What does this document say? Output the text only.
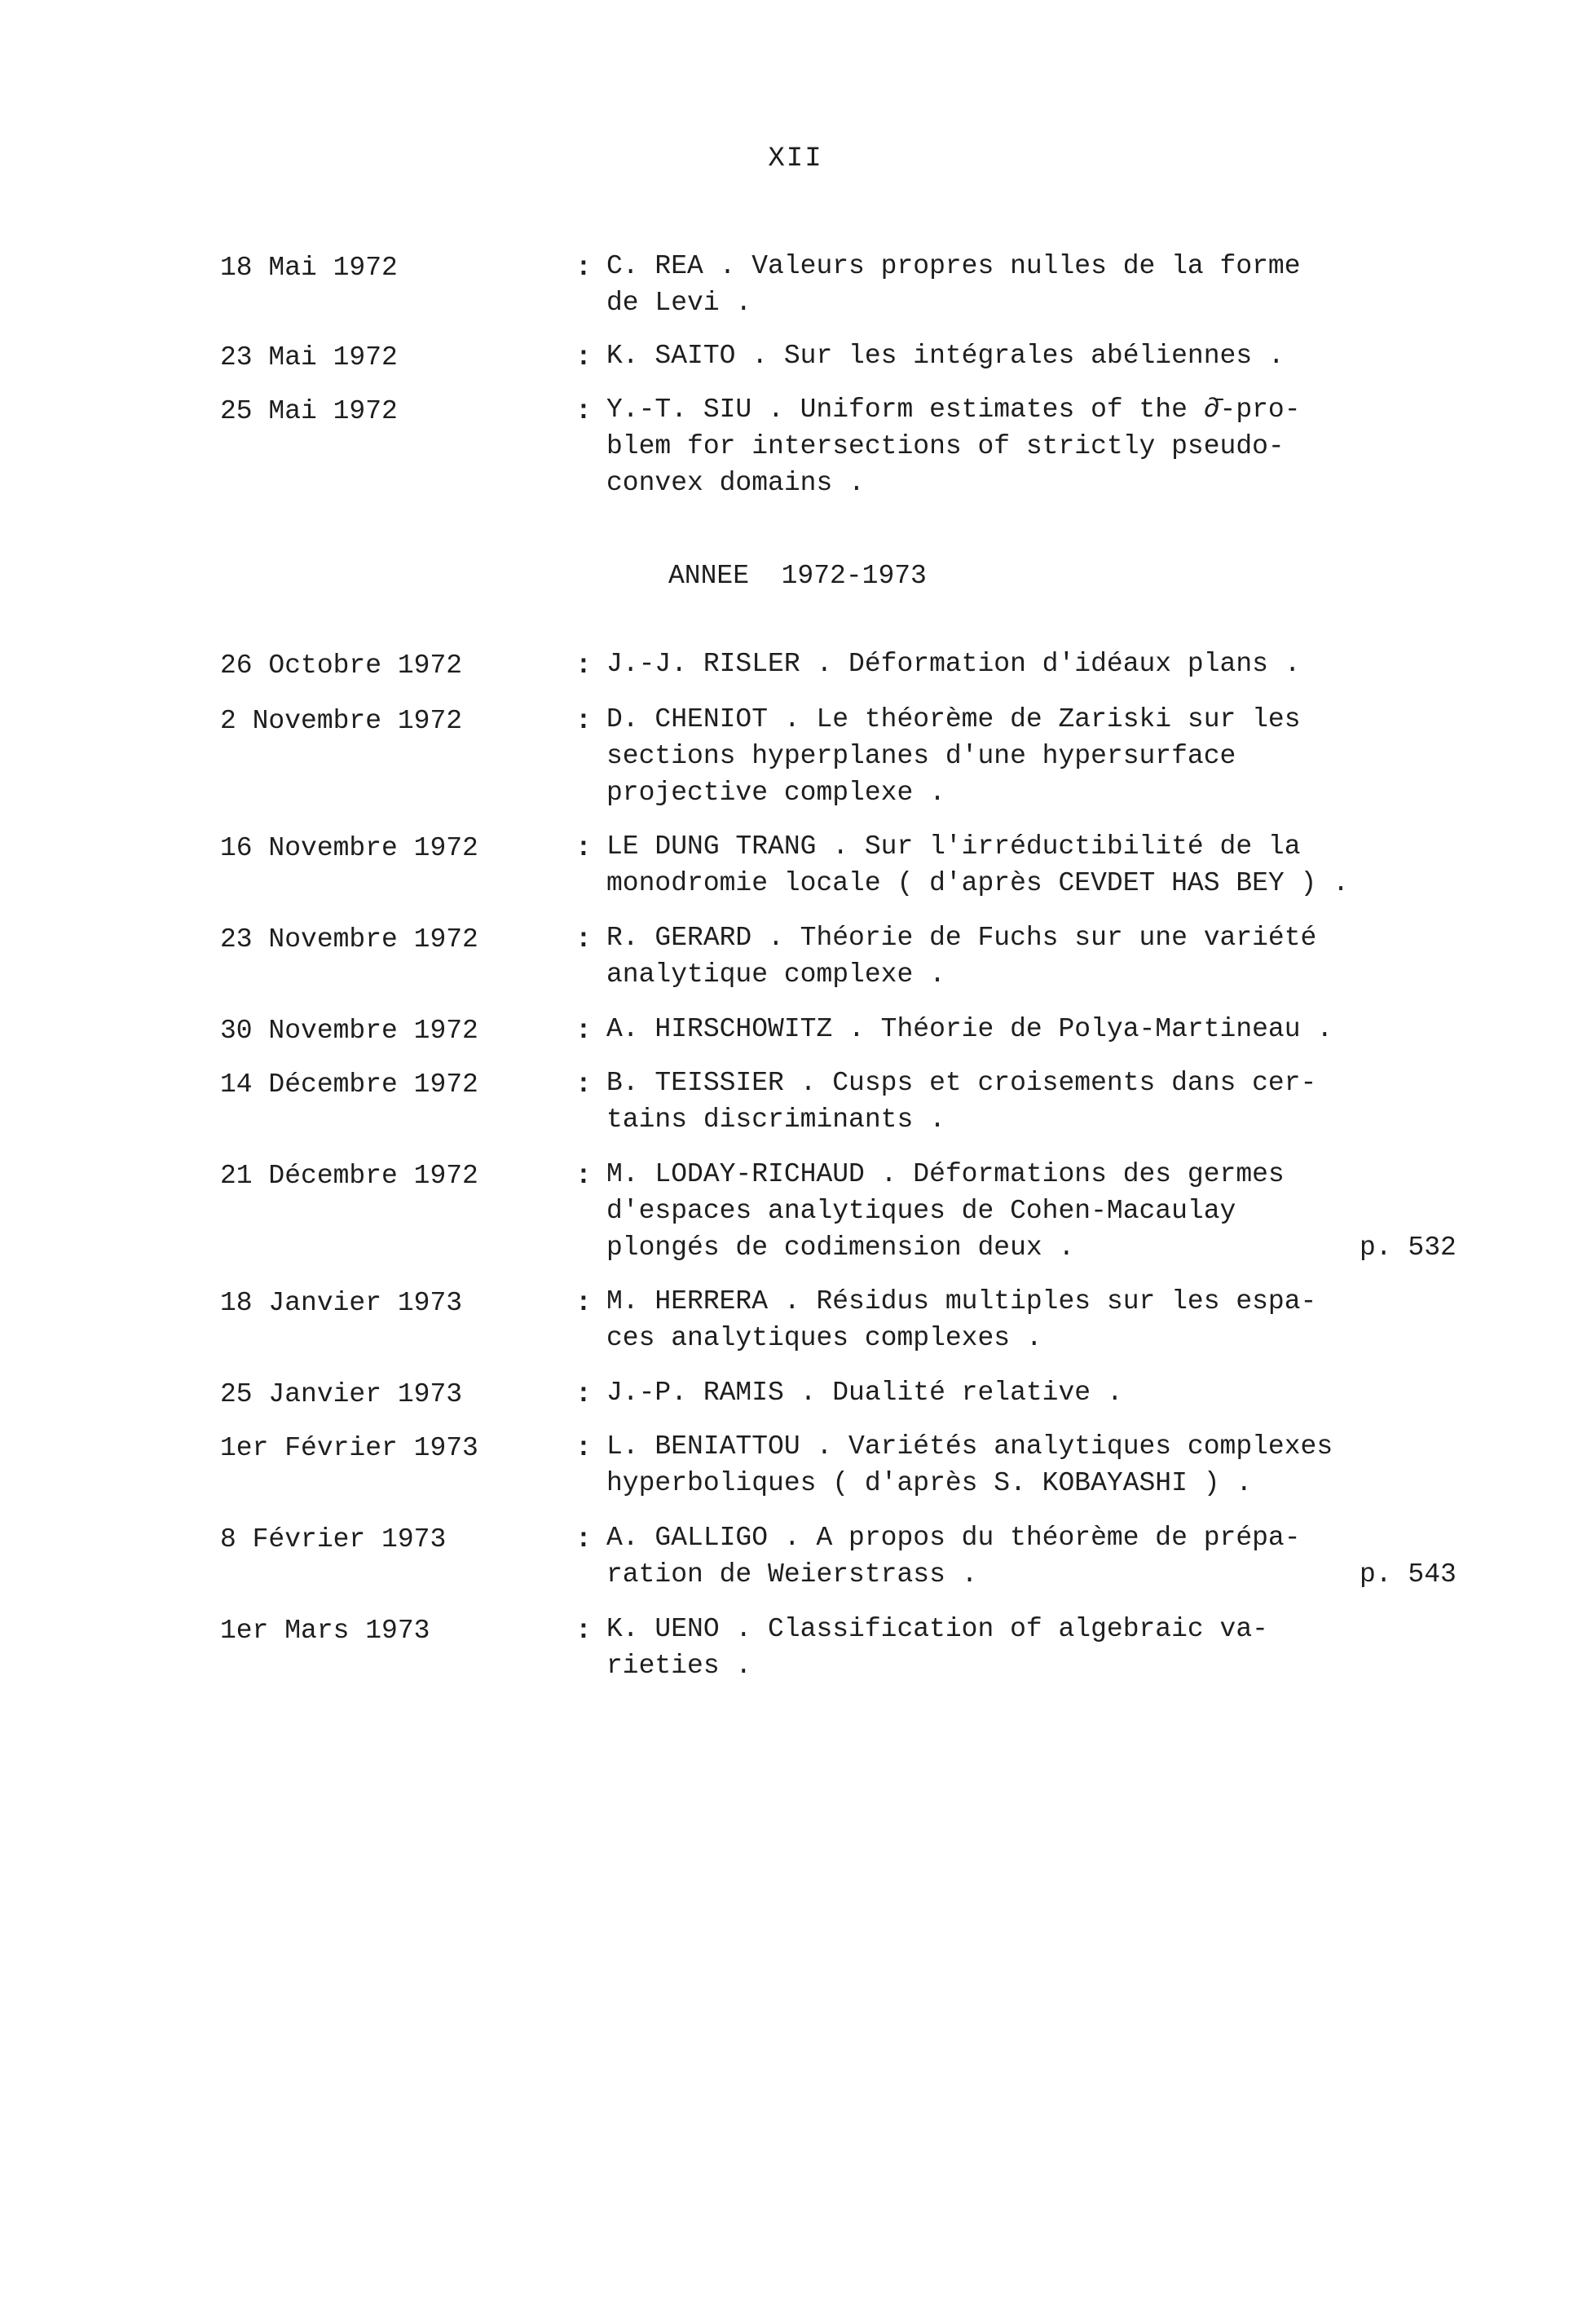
XII
18 Mai 1972	: C. REA . Valeurs propres nulles de la forme
de Levi .
23 Mai 1972	: K. SAITO . Sur les intégrales abéliennes .
25 Mai 1972	: Y.-T. SIU . Uniform estimates of the ∂̄-pro-
blem for intersections of strictly pseudo-
convex domains .
ANNEE  1972-1973
26 Octobre 1972	: J.-J. RISLER . Déformation d'idéaux plans .
2 Novembre 1972	: D. CHENIOT . Le théorème de Zariski sur les
sections hyperplanes d'une hypersurface
projective complexe .
16 Novembre 1972	: LE DUNG TRANG . Sur l'irréductibilité de la
monodromie locale ( d'après CEVDET HAS BEY ) .
23 Novembre 1972	: R. GERARD . Théorie de Fuchs sur une variété
analytique complexe .
30 Novembre 1972	: A. HIRSCHOWITZ . Théorie de Polya-Martineau .
14 Décembre 1972	: B. TEISSIER . Cusps et croisements dans cer-
tains discriminants .
21 Décembre 1972	: M. LODAY-RICHAUD . Déformations des germes
d'espaces analytiques de Cohen-Macaulay
plongés de codimension deux .	p. 532
18 Janvier 1973	: M. HERRERA . Résidus multiples sur les espa-
ces analytiques complexes .
25 Janvier 1973	: J.-P. RAMIS . Dualité relative .
1er Février 1973	: L. BENIATTOU . Variétés analytiques complexes
hyperboliques ( d'après S. KOBAYASHI ) .
8 Février 1973	: A. GALLIGO . A propos du théorème de prépa-
ration de Weierstrass .	p. 543
1er Mars 1973	: K. UENO . Classification of algebraic va-
rieties .
